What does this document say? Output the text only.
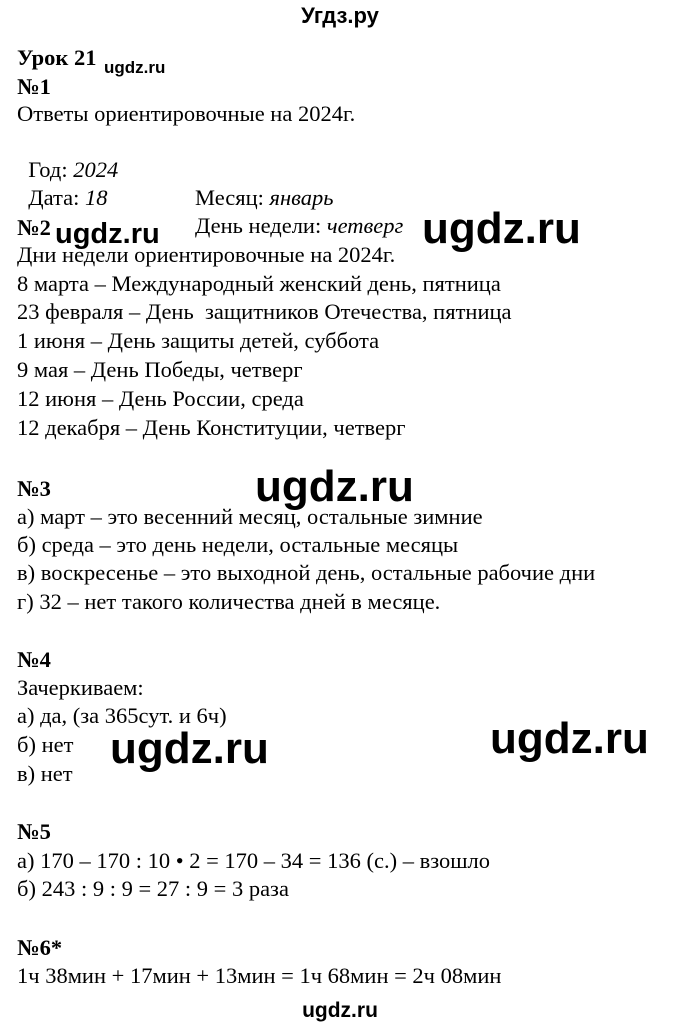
Угдз.ру
Урок 21 ugdz.ru
№1
Ответы ориентировочные на 2024г.

Год: 2024

Месяц: январь

Дата: 18

День недели: четверг

№2 ugdz.ru	ugdz.ru
Дни недели ориентировочные на 2024г.
8 марта – Международный женский день, пятница
23 февраля – День  защитников Отечества, пятница
1 июня – День защиты детей, суббота
9 мая – День Победы, четверг
12 июня – День России, среда
12 декабря – День Конституции, четверг
№3	ugdz.ru
а) март – это весенний месяц, остальные зимние
б) среда – это день недели, остальные месяцы
в) воскресенье – это выходной день, остальные рабочие дни
г) 32 – нет такого количества дней в месяце.
№4
Зачеркиваем:
а) да, (за 365сут. и 6ч)
б) нет
в) нет
ugdz.ru	ugdz.ru
№5
а) 170 – 170 : 10 • 2 = 170 – 34 = 136 (с.) – взошло
б) 243 : 9 : 9 = 27 : 9 = 3 раза
№6*
1ч 38мин + 17мин + 13мин = 1ч 68мин = 2ч 08мин
ugdz.ru
